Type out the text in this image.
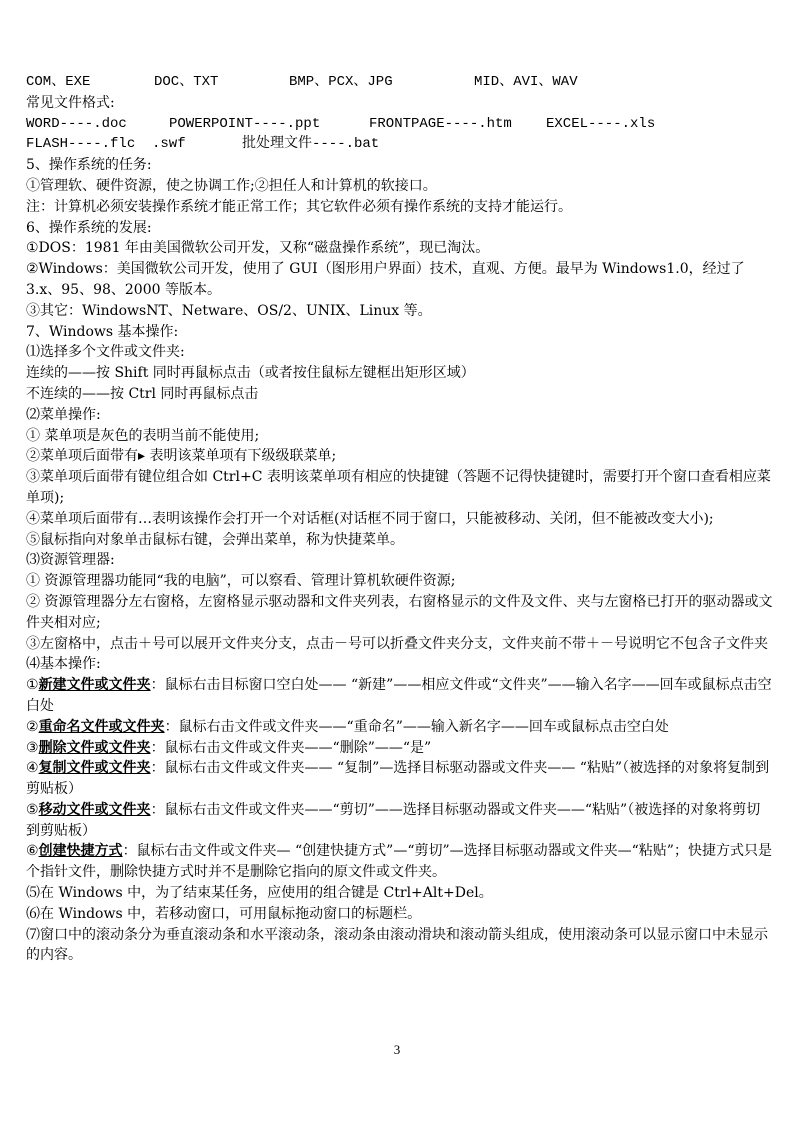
COM、EXE	DOC、TXT	BMP、PCX、JPG	MID、AVI、WAV
常见文件格式:
WORD----.doc	POWERPOINT----.ppt	FRONTPAGE----.htm EXCEL----.xls
FLASH----.flc .swf	批处理文件----.bat
5、操作系统的任务:
①管理软、硬件资源，使之协调工作;②担任人和计算机的软接口。
注：计算机必须安装操作系统才能正常工作；其它软件必须有操作系统的支持才能运行。
6、操作系统的发展:
①DOS：1981 年由美国微软公司开发，又称“磁盘操作系统”，现已淘汰。
②Windows：美国微软公司开发，使用了 GUI（图形用户界面）技术，直观、方便。最早为 Windows1.0，经过了 3.x、95、98、2000 等版本。
③其它：WindowsNT、Netware、OS/2、UNIX、Linux 等。
7、Windows 基本操作:
⑴选择多个文件或文件夹:
连续的——按 Shift 同时再鼠标点击（或者按住鼠标左键框出矩形区域）
不连续的——按 Ctrl 同时再鼠标点击
⑵菜单操作:
① 菜单项是灰色的表明当前不能使用;
②菜单项后面带有▸ 表明该菜单项有下级级联菜单;
③菜单项后面带有键位组合如 Ctrl+C 表明该菜单项有相应的快捷键（答题不记得快捷键时，需要打开个窗口查看相应菜单项);
④菜单项后面带有…表明该操作会打开一个对话框(对话框不同于窗口，只能被移动、关闭，但不能被改变大小);
⑤鼠标指向对象单击鼠标右键，会弹出菜单，称为快捷菜单。
⑶资源管理器:
① 资源管理器功能同“我的电脑”，可以察看、管理计算机软硬件资源;
② 资源管理器分左右窗格，左窗格显示驱动器和文件夹列表，右窗格显示的文件及文件、夹与左窗格已打开的驱动器或文件夹相对应;
③左窗格中，点击＋号可以展开文件夹分支，点击－号可以折叠文件夹分支，文件夹前不带＋－号说明它不包含子文件夹
⑷基本操作:
①新建文件或文件夹：鼠标右击目标窗口空白处—— “新建”——相应文件或“文件夹”——输入名字——回车或鼠标点击空白处
②重命名文件或文件夹：鼠标右击文件或文件夹——“重命名”——输入新名字——回车或鼠标点击空白处
③删除文件或文件夹：鼠标右击文件或文件夹——“删除”——“是”
④复制文件或文件夹：鼠标右击文件或文件夹—— “复制”—选择目标驱动器或文件夹—— “粘贴”（被选择的对象将复制到剪贴板）
⑤移动文件或文件夹：鼠标右击文件或文件夹——“剪切”——选择目标驱动器或文件夹——“粘贴”（被选择的对象将剪切到剪贴板）
⑥创建快捷方式：鼠标右击文件或文件夹— “创建快捷方式”—“剪切”—选择目标驱动器或文件夹—“粘贴”；快捷方式只是个指针文件，删除快捷方式时并不是删除它指向的原文件或文件夹。
⑸在 Windows 中，为了结束某任务，应使用的组合键是 Ctrl+Alt+Del。
⑹在 Windows 中，若移动窗口，可用鼠标拖动窗口的标题栏。
⑺窗口中的滚动条分为垂直滚动条和水平滚动条，滚动条由滚动滑块和滚动箭头组成，使用滚动条可以显示窗口中未显示的内容。
3
